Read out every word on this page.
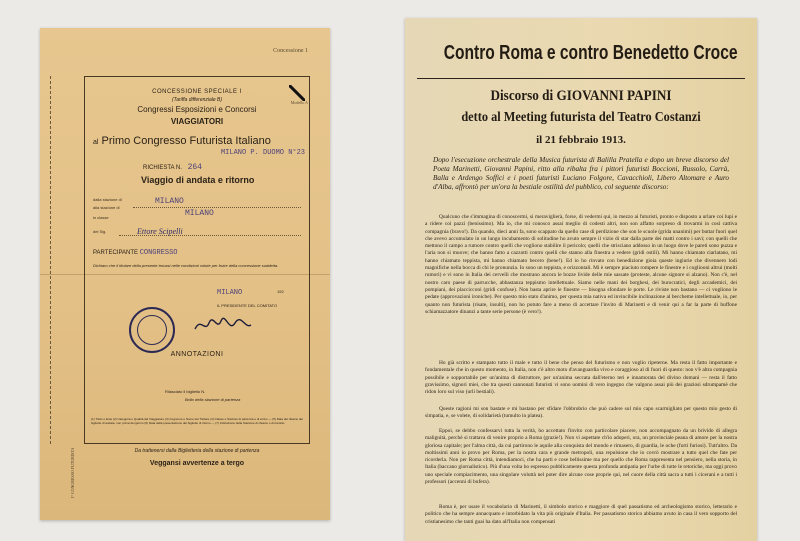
Concessione 1
Modello A
CONCESSIONE SPECIALE I
(Tariffa differenziale B)
Congressi Esposizioni e Concorsi
VIAGGIATORI
al Primo Congresso Futurista Italiano
MILANO P. DUOMO N°23
RICHIESTA N. 264
Viaggio di andata e ritorno
dalla stazione di
alla stazione di
in classe
del Sig.
MILANO
MILANO
Ettore Scipelli
PARTECIPANTE CONGRESSO
Dichiaro che il titolare della presente trovasi nelle condizioni volute per fruire della concessione suddetta.
MILANO	192
IL PRESIDENTE DEL COMITATO
ANNOTAZIONI
Rilasciato il biglietto N.
Bollo della stazione di partenza
(1) Titolo o Ente (2) Categoria o Qualità del Viaggiatore (3) Cognome e Nome del Titolare (4) Classe e Stazioni di partenza e di arrivo — (5) Data del rilascio del biglietto di andata, non prima del giorno (6) Data della presentazione del biglietto di ritorno — (7) Indicazione della Stazione di rilascio o di transito.
I° CONGRESSO FUTURISTA	Da trattenersi dalla Biglietteria della stazione di partenza
Veggansi avvertenze a tergo
Contro Roma e contro Benedetto Croce
Discorso di GIOVANNI PAPINI
detto al Meeting futurista del Teatro Costanzi
il 21 febbraio 1913.
Dopo l'esecuzione orchestrale della Musica futurista di Balilla Pratella e dopo un breve discorso del Poeta Marinetti, Giovanni Papini, ritto alla ribalta fra i pittori futuristi Boccioni, Russolo, Carrà, Balla e Ardengo Soffici e i poeti futuristi Luciano Folgore, Cavacchioli, Libero Altomare e Auro d'Alba, affrontò per un'ora la bestiale ostilità del pubblico, col seguente discorso:
Qualcuno che s'immagina di conoscermi, si meraviglierà, forse, di vedermi qui, in mezzo ai futuristi, pronto e disposto a urlare coi lupi e a ridere coi pazzi (benissimo). Ma io, che mi conosco assai meglio di codesti altri, non son affatto sorpreso di trovarmi in così cattiva compagnia (bravo!). Da quando, dieci anni fa, sono scappato da quello case di perdizione che son le scuole (grida unanimi) per buttar fuori quel che avevo accumulato in un lungo incubamento di solitudine ho avuto sempre il vizio di star dalla parte dei matti contro i savi; con quelli che mettono il campo a rumore contro quelli che vogliono stabilire il pericolo; quelli che strisciano addosso in un luogo dove le pareti sono puzza e l'aria non si muove; che hanno fatto a cazzotti contro quelli che stanno alla finestra a vedere (gridi ostili). Mi hanno chiamato ciarlatano, mi hanno chiamato teppista, mi hanno chiamato becero (bene!). Ed io ho rinvato con benedizione gioia queste ingiurie che divennero lodi magnifiche nella bocca di chi le pronunzia. Io sono un teppista, e orizzontali. Mi è sempre piaciuto rompere le finestre e i cogliooni altrui (molti rumori) e vi sono in Italia dei cervelli che mostrano ancora le bozze livide delle mie sassate (proteste, alcune signore si alzano). Non c'è, nel nostro caro paese di parrucche, abbastanza teppismo intellettuale. Siamo nelle mani dei borghesi, dei burocratici, degli accademici, dei pompiani, dei placcicconi (gridi confuse). Non basta aprire le finestre — bisogna sfondare le porte. Le riviste non bastano — ci vogliono le pedate (approvazioni ironiche). Per questo mio stato d'animo, per questa mia nativa ed invincibile inclinazione al beccheme intellettuale, io, per quanto non futurista (risate, insulti), non ho potuto fare a meno di accettare l'invito di Marinetti e di venir qui a far la parte di buffone schiamazzatore dinanzi a tante serie persone (è vero!).
Ho già scritto e stampato tutto il male e tutto il bene che penso del futurismo e non voglio ripeterne. Ma resta il fatto importante e fondamentale che in questo momento, in Italia, non c'è altro moto d'avanguardia vivo e coraggioso al di fuori di questo: non v'è altra compagnia possibile e sopportabile per un'anima di distruttore, per un'anima seccata dall'eterno teri e innamorata del divino domani — resta il fatto gravissimo, signori miei, che tra questi cannonati futuristi vi sono uomini di vero ingegno che valgono assai più dei graziosi sdrumpamè che ridon loro sul viso (urli bestiali).
Queste ragioni mi son bastate e mi bastano per sfidare l'obbrobrio che può cadere sul mio capo scarmigliato per questo mio gesto di simpatia, e, se volete, di solidarietà (tumulto in platea).
Eppoi, se debbo confessarvi tutta la verità, ho accettato l'invito con particolare piacere, non accompagnato da un brivido di allegra malignità, perchè si trattava di venire proprio a Roma (grazie!). Non vi aspettate ch'io adoperi, ora, un provinciale peana di amore per la nostra gloriosa capitale; per l'alma città, da cui partirono le aquile alla conquista del mondo e rimasero, di guardia, le oche (forti furiosi). Tutt'altro. Da moltissimi anni io provo per Roma, per la nostra cara e grande metropoli, una repulsione che io covrò mostrare a tutto quel che fate per ricorderla. Non per Roma città, intendiamoci, che ha parti e cose bellissime ma per quello che Roma rappresenta nel pensiero, nella storia, in Italia (baccano giornalistico). Più d'una volta ho espresso pubblicamente questa profonda antipatia per l'urbe di tutte le retoriche, ma oggi provo uno speciale compiacimento, una singolare voluttà nel poter dire alcune cose proprie qui, nel cuore della città sacra a tutti i cicerani e a tutti i professori (accenni di bufera).
Roma è, per usare il vocabolario di Marinetti, il simbolo storico e maggiore di quel passatismo ed archeologismo storico, letterario e politico che ha sempre annacquato e intorbidato la vita più originale d'Italia. Per passatismo storico abbiamo avuto in casa il vero sopporto del cristianesimo che tanti guai ha dato all'Italia non compensati
